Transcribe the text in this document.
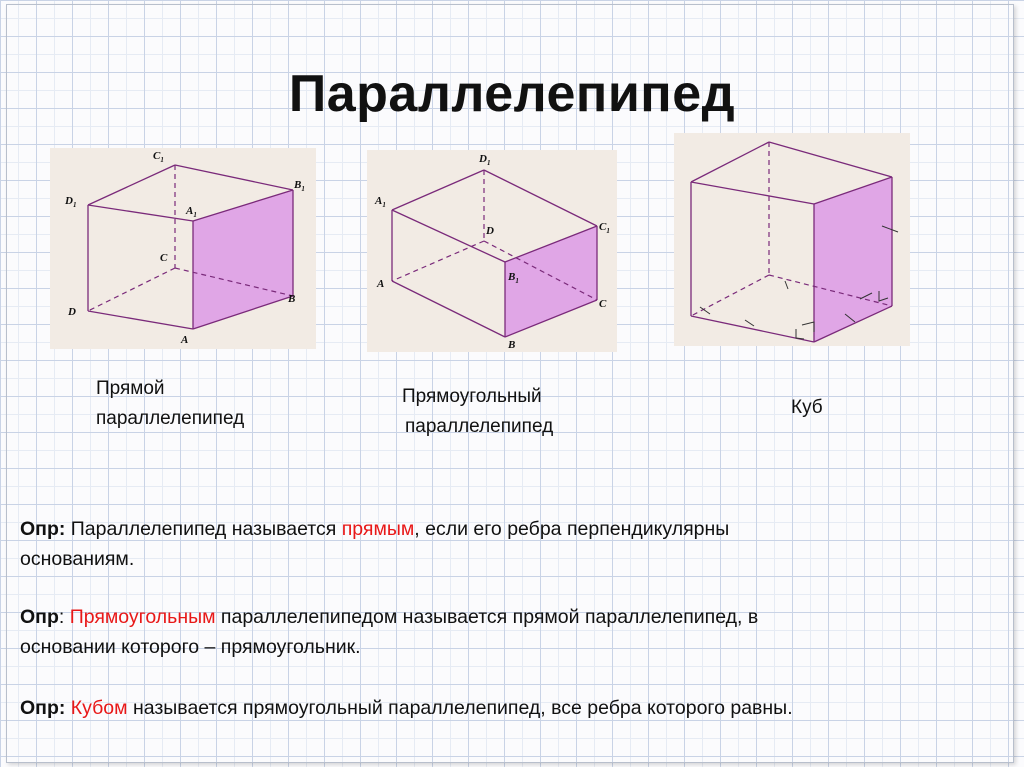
Параллелепипед
$C_1$
$B_1$
$D_1$	$A_1$
C
D
B
A
$D_1$
$A_1$
D	$C_1$
A
$B_1$
C
B
Прямой
параллелепипед
Прямоугольный
параллелепипед
Куб
Опр: Параллелепипед называется прямым, если его ребра перпендикулярны
основаниям.
Опр: Прямоугольным параллелепипедом называется прямой параллелепипед, в
основании которого – прямоугольник.
Опр: Кубом называется прямоугольный параллелепипед, все ребра которого равны.
